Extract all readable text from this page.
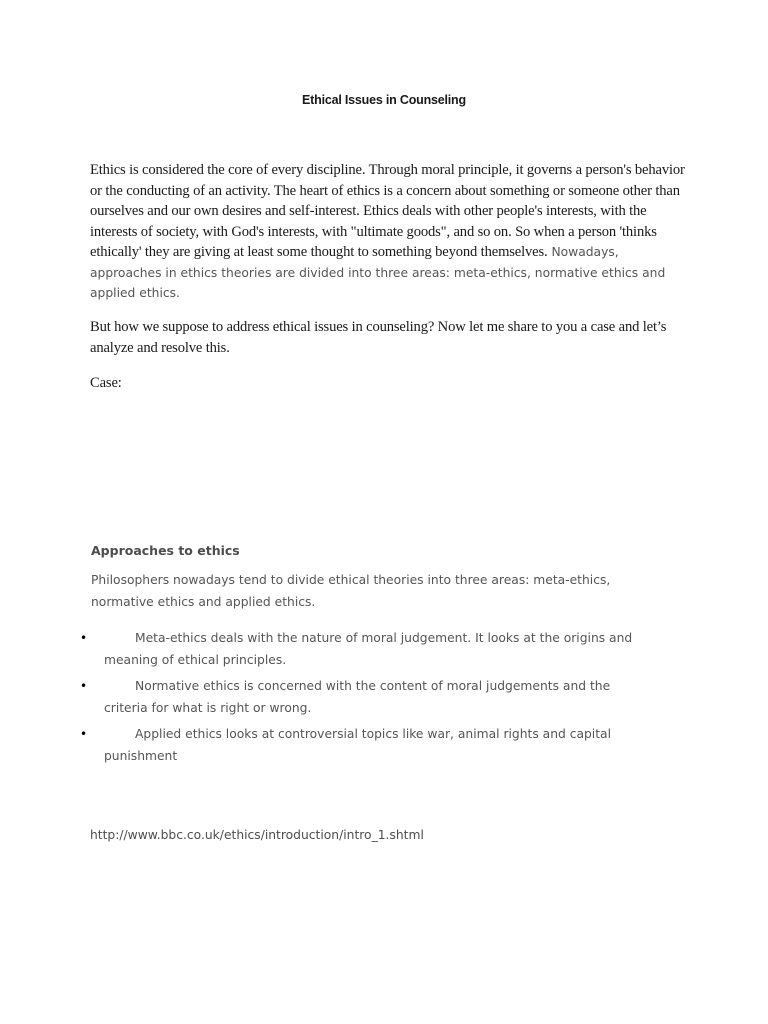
Ethical Issues in Counseling

Ethics is considered the core of every discipline. Through moral principle, it governs a person's behavior or the conducting of an activity. The heart of ethics is a concern about something or someone other than ourselves and our own desires and self-interest. Ethics deals with other people's interests, with the interests of society, with God's interests, with "ultimate goods", and so on. So when a person 'thinks ethically' they are giving at least some thought to something beyond themselves. Nowadays, approaches in ethics theories are divided into three areas: meta-ethics, normative ethics and applied ethics.

But how we suppose to address ethical issues in counseling? Now let me share to you a case and let’s analyze and resolve this.

Case:

Approaches to ethics

Philosophers nowadays tend to divide ethical theories into three areas: meta-ethics, normative ethics and applied ethics.

•	Meta-ethics deals with the nature of moral judgement. It looks at the origins and meaning of ethical principles.

•	Normative ethics is concerned with the content of moral judgements and the criteria for what is right or wrong.

•	Applied ethics looks at controversial topics like war, animal rights and capital punishment

http://www.bbc.co.uk/ethics/introduction/intro_1.shtml
